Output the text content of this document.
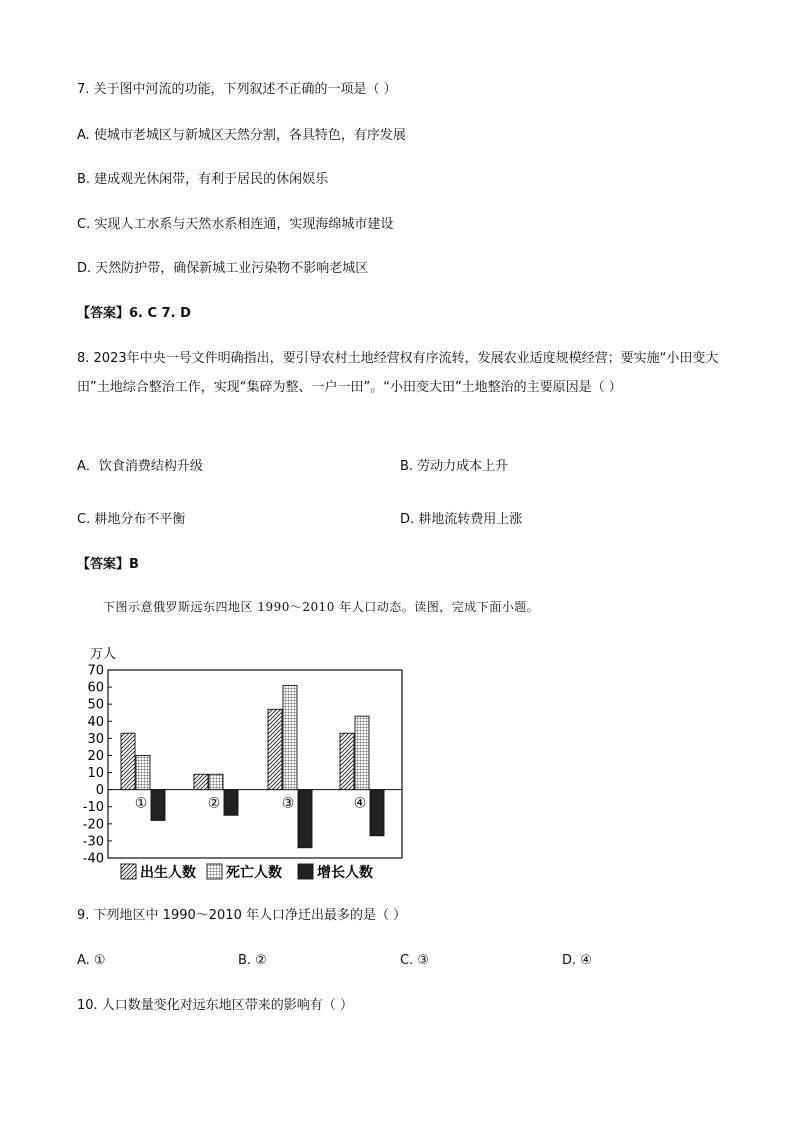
7. 关于图中河流的功能，下列叙述不正确的一项是（ ）
A. 使城市老城区与新城区天然分割，各具特色，有序发展
B. 建成观光休闲带，有利于居民的休闲娱乐
C. 实现人工水系与天然水系相连通，实现海绵城市建设
D. 天然防护带，确保新城工业污染物不影响老城区
【答案】6. C 7. D
8. 2023年中央一号文件明确指出，要引导农村土地经营权有序流转，发展农业适度规模经营；要实施“小田变大田”土地综合整治工作，实现“集碎为整、一户一田”。“小田变大田”土地整治的主要原因是（ ）
A．饮食消费结构升级	B. 劳动力成本上升
C. 耕地分布不平衡	D. 耕地流转费用上涨
【答案】B
下图示意俄罗斯远东四地区 1990～2010 年人口动态。读图，完成下面小题。
万人
70
60
50
40
30
20
10
0
-10
-20
-30
-40
①	②	③	④
出生人数 死亡人数	增长人数
9. 下列地区中 1990～2010 年人口净迁出最多的是（ ）
A. ①	B. ②	C. ③	D. ④
10. 人口数量变化对远东地区带来的影响有（ ）
